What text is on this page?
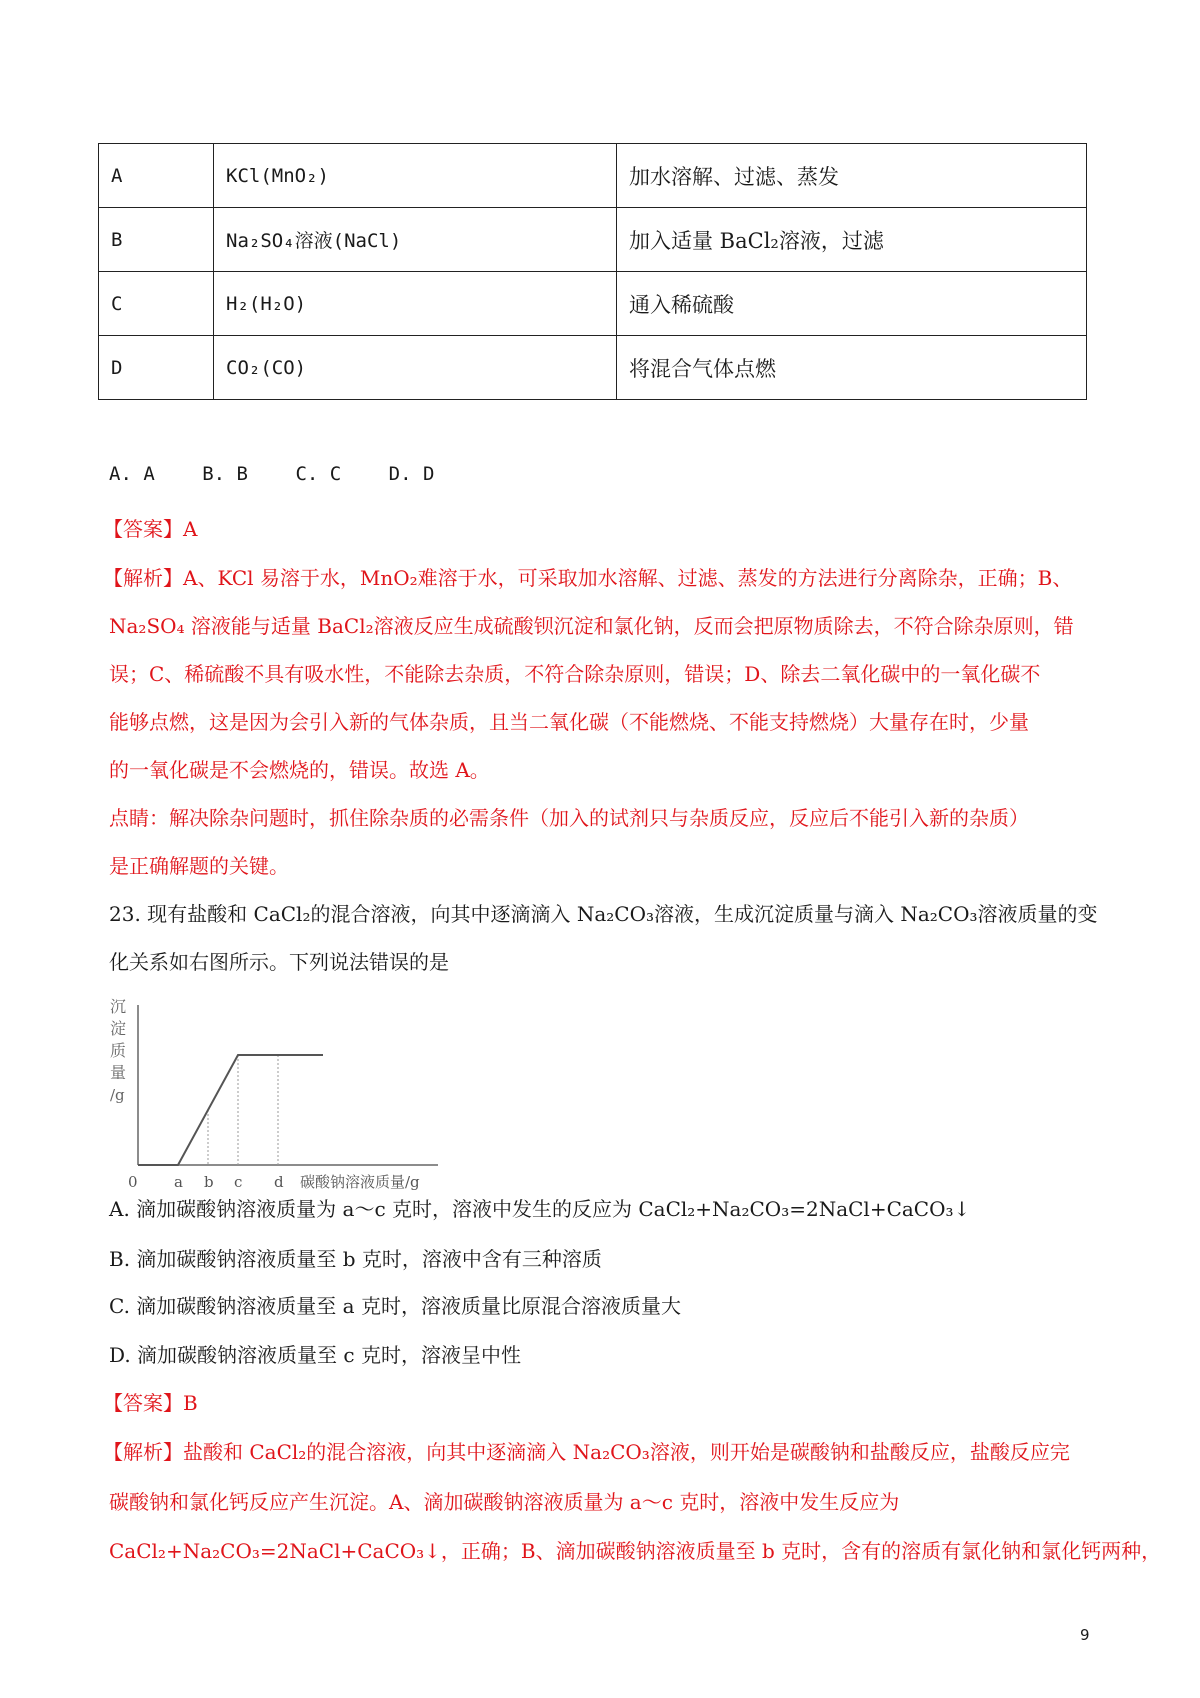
A	KCl(MnO₂)	加水溶解、过滤、蒸发
B	Na₂SO₄溶液(NaCl)	加入适量 BaCl₂溶液，过滤
C	H₂(H₂O)	通入稀硫酸
D	CO₂(CO)	将混合气体点燃
A. A B. B C. C D. D
【答案】A
【解析】A、KCl 易溶于水，MnO₂难溶于水，可采取加水溶解、过滤、蒸发的方法进行分离除杂，正确；B、
Na₂SO₄ 溶液能与适量 BaCl₂溶液反应生成硫酸钡沉淀和氯化钠，反而会把原物质除去，不符合除杂原则，错
误；C、稀硫酸不具有吸水性，不能除去杂质，不符合除杂原则，错误；D、除去二氧化碳中的一氧化碳不
能够点燃，这是因为会引入新的气体杂质，且当二氧化碳（不能燃烧、不能支持燃烧）大量存在时，少量
的一氧化碳是不会燃烧的，错误。故选 A。
点睛：解决除杂问题时，抓住除杂质的必需条件（加入的试剂只与杂质反应，反应后不能引入新的杂质）
是正确解题的关键。
23. 现有盐酸和 CaCl₂的混合溶液，向其中逐滴滴入 Na₂CO₃溶液，生成沉淀质量与滴入 Na₂CO₃溶液质量的变
化关系如右图所示。下列说法错误的是
沉
淀
质
量
/g
0 a b c d 碳酸钠溶液质量/g
A. 滴加碳酸钠溶液质量为 a～c 克时，溶液中发生的反应为 CaCl₂+Na₂CO₃=2NaCl+CaCO₃↓
B. 滴加碳酸钠溶液质量至 b 克时，溶液中含有三种溶质
C. 滴加碳酸钠溶液质量至 a 克时，溶液质量比原混合溶液质量大
D. 滴加碳酸钠溶液质量至 c 克时，溶液呈中性
【答案】B
【解析】盐酸和 CaCl₂的混合溶液，向其中逐滴滴入 Na₂CO₃溶液，则开始是碳酸钠和盐酸反应，盐酸反应完
碳酸钠和氯化钙反应产生沉淀。A、滴加碳酸钠溶液质量为 a～c 克时，溶液中发生反应为
CaCl₂+Na₂CO₃=2NaCl+CaCO₃↓，正确；B、滴加碳酸钠溶液质量至 b 克时，含有的溶质有氯化钠和氯化钙两种，
9
